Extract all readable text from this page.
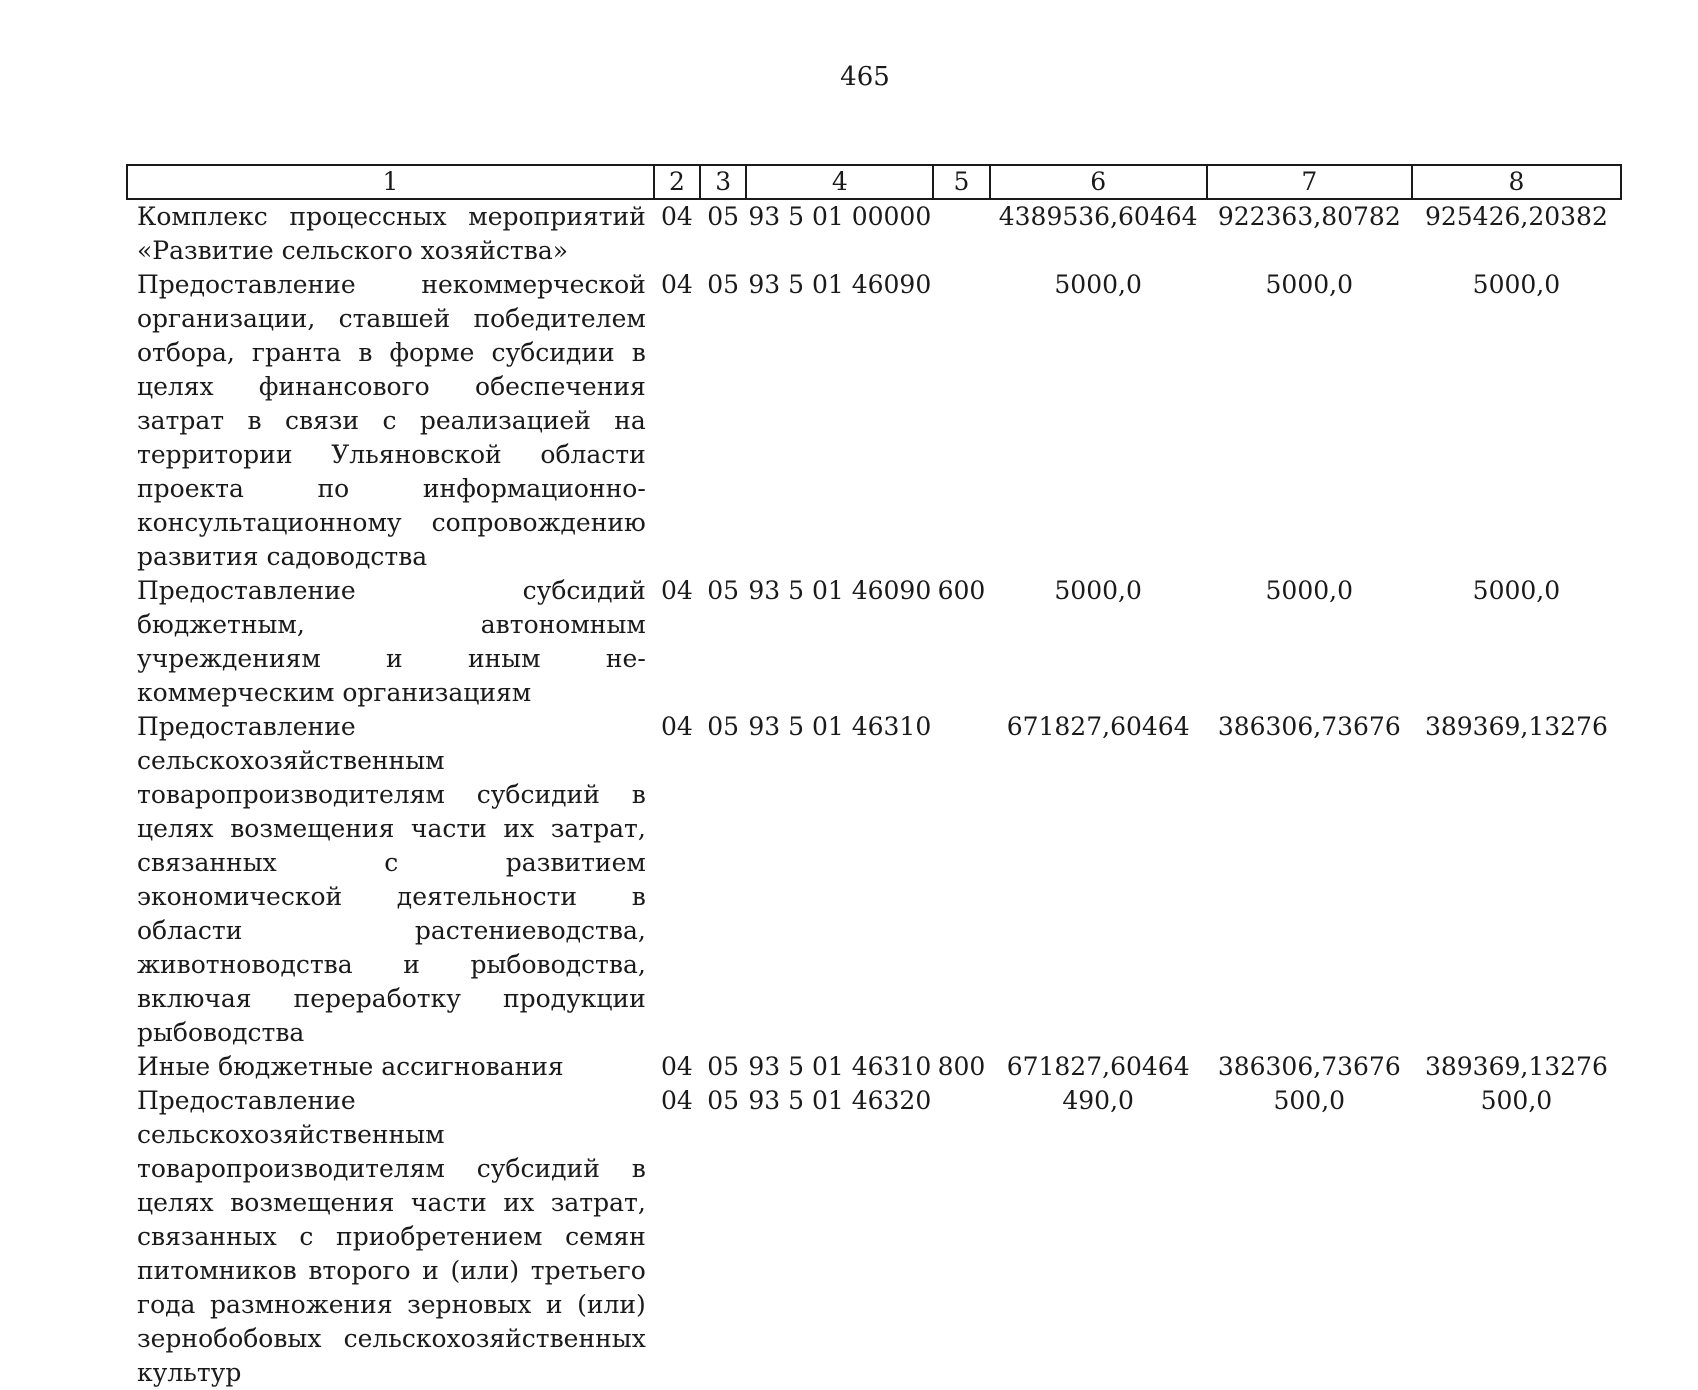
465
1	2	3	4	5	6	7	8
Комплекс процессных мероприятий «Развитие сельского хозяйства»	04	05	93 5 01 00000		4389536,60464	922363,80782	925426,20382
Предоставление некоммерческой организации, ставшей победителем отбора, гранта в форме субсидии в целях финансового обеспечения затрат в связи с реализацией на территории Ульяновской области проекта по информационно-консультационному сопровождению развития садоводства	04	05	93 5 01 46090		5000,0	5000,0	5000,0
Предоставление субсидий бюджетным, автономным учреждениям и иным некоммерческим организациям	04	05	93 5 01 46090	600	5000,0	5000,0	5000,0
Предоставление сельскохозяйственным товаропроизводителям субсидий в целях возмещения части их затрат, связанных с развитием экономической деятельности в области растениеводства, животноводства и рыбоводства, включая переработку продукции рыбоводства	04	05	93 5 01 46310		671827,60464	386306,73676	389369,13276
Иные бюджетные ассигнования	04	05	93 5 01 46310	800	671827,60464	386306,73676	389369,13276
Предоставление сельскохозяйственным товаропроизводителям субсидий в целях возмещения части их затрат, связанных с приобретением семян питомников второго и (или) третьего года размножения зерновых и (или) зернобобовых сельскохозяйственных культур	04	05	93 5 01 46320		490,0	500,0	500,0
